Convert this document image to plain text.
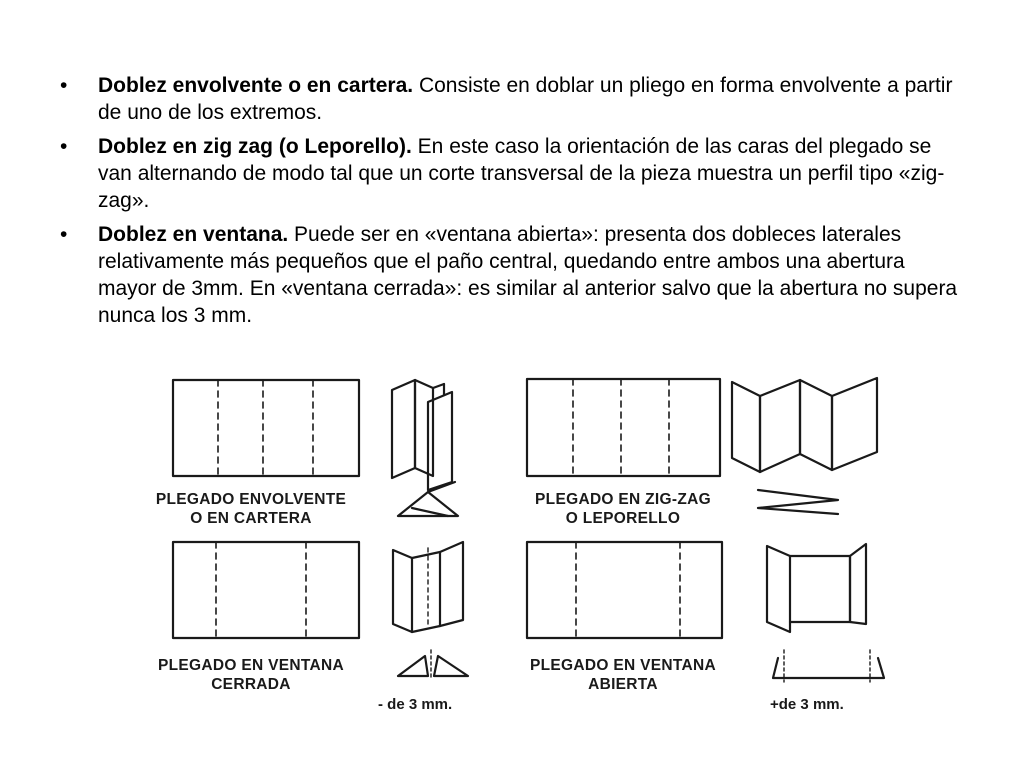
• Doblez envolvente o en cartera. Consiste en doblar un pliego en forma envolvente a partir de uno de los extremos.
• Doblez en zig zag (o Leporello). En este caso la orientación de las caras del plegado se van alternando de modo tal que un corte transversal de la pieza muestra un perfil tipo «zig-zag».
• Doblez en ventana. Puede ser en «ventana abierta»: presenta dos dobleces laterales relativamente más pequeños que el paño central, quedando entre ambos una abertura mayor de 3mm. En «ventana cerrada»: es similar al anterior salvo que la abertura no supera nunca los 3 mm.
PLEGADO ENVOLVENTE
O EN CARTERA
PLEGADO EN ZIG-ZAG
O LEPORELLO
PLEGADO EN VENTANA
CERRADA
PLEGADO EN VENTANA
ABIERTA
- de 3 mm.	+de 3 mm.
